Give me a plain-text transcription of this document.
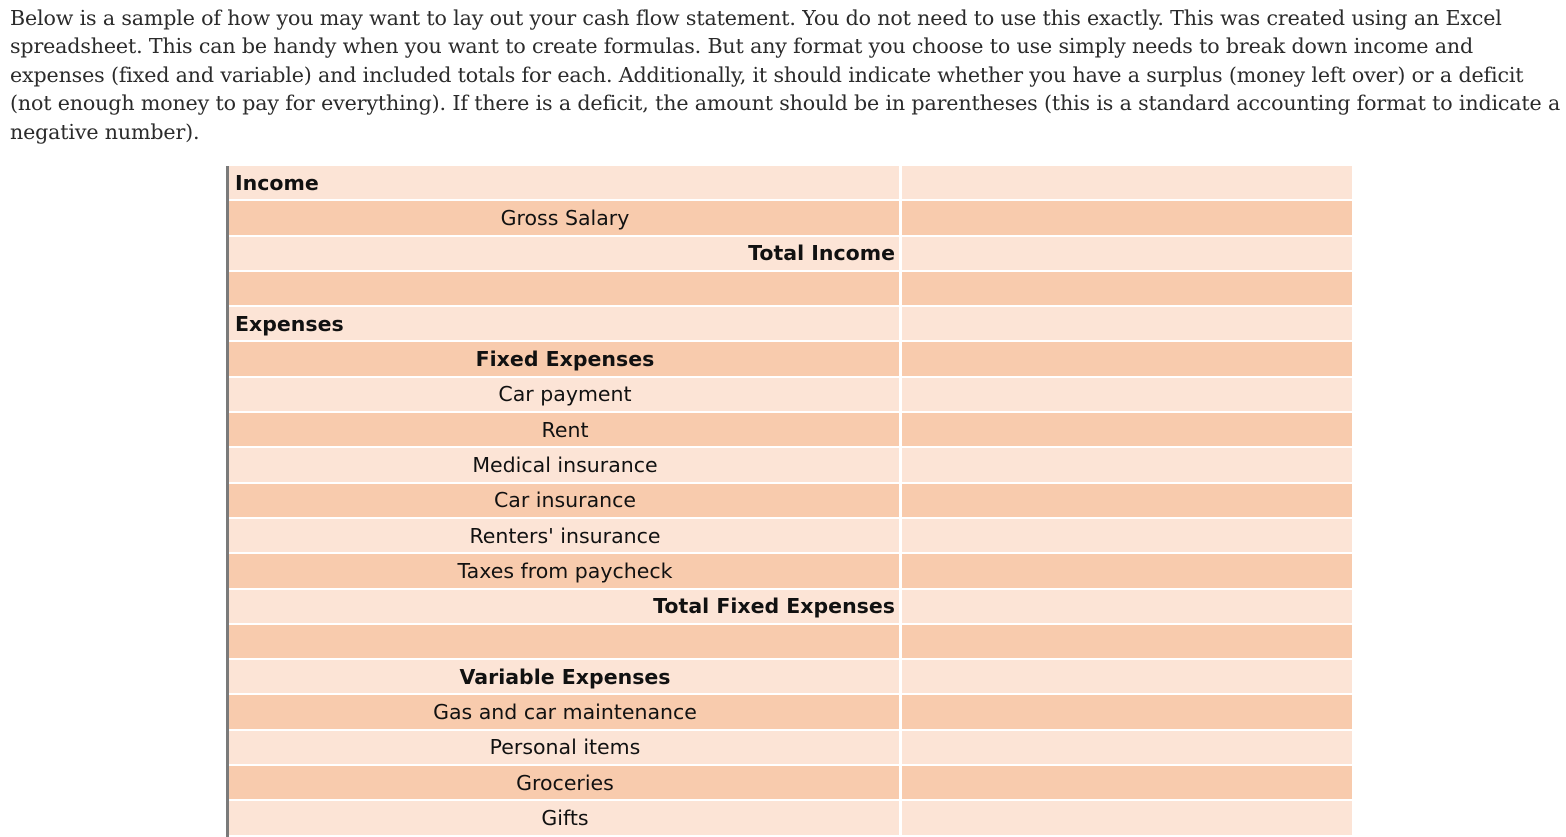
Below is a sample of how you may want to lay out your cash flow statement. You do not need to use this exactly. This was created using an Excel spreadsheet. This can be handy when you want to create formulas. But any format you choose to use simply needs to break down income and expenses (fixed and variable) and included totals for each. Additionally, it should indicate whether you have a surplus (money left over) or a deficit (not enough money to pay for everything). If there is a deficit, the amount should be in parentheses (this is a standard accounting format to indicate a negative number).

Income
Gross Salary
Total Income
Expenses
Fixed Expenses
Car payment
Rent
Medical insurance
Car insurance
Renters' insurance
Taxes from paycheck
Total Fixed Expenses
Variable Expenses
Gas and car maintenance
Personal items
Groceries
Gifts
